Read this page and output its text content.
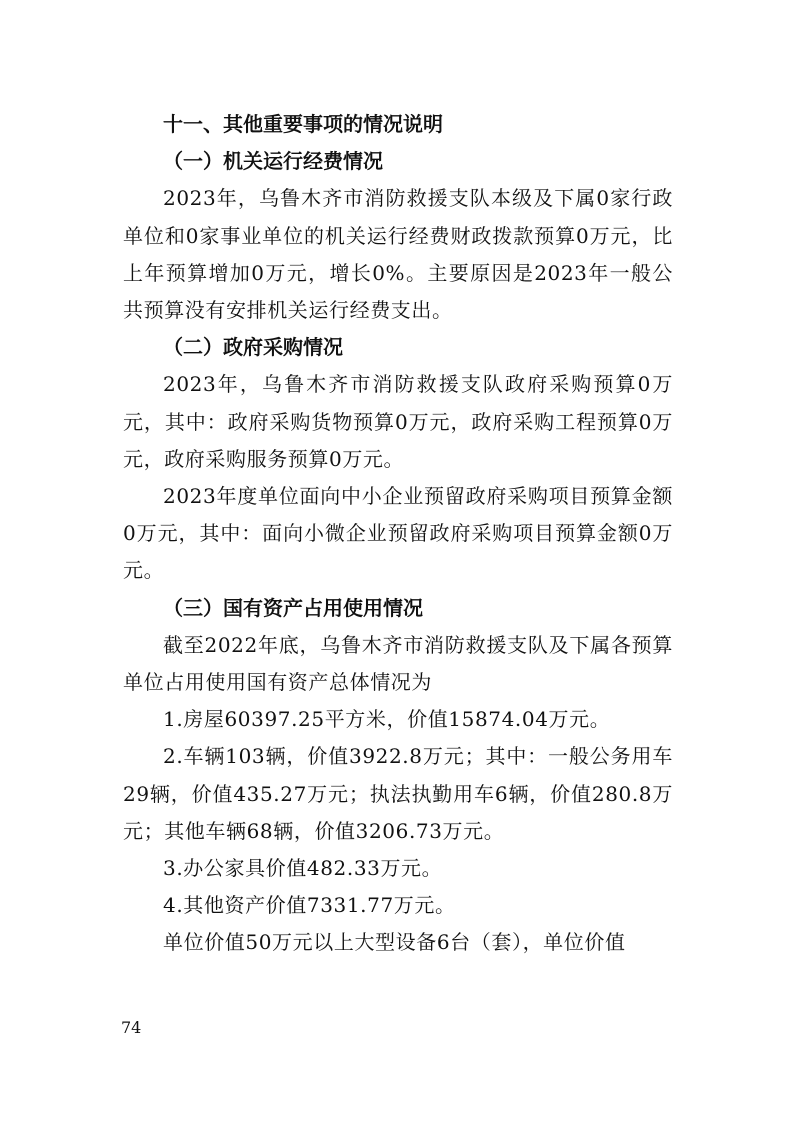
十一、其他重要事项的情况说明

（一）机关运行经费情况

2023年，乌鲁木齐市消防救援支队本级及下属0家行政单位和0家事业单位的机关运行经费财政拨款预算0万元，比上年预算增加0万元，增长0%。主要原因是2023年一般公共预算没有安排机关运行经费支出。

（二）政府采购情况

2023年，乌鲁木齐市消防救援支队政府采购预算0万元，其中：政府采购货物预算0万元，政府采购工程预算0万元，政府采购服务预算0万元。

2023年度单位面向中小企业预留政府采购项目预算金额0万元，其中：面向小微企业预留政府采购项目预算金额0万元。

（三）国有资产占用使用情况

截至2022年底，乌鲁木齐市消防救援支队及下属各预算单位占用使用国有资产总体情况为

1.房屋60397.25平方米，价值15874.04万元。

2.车辆103辆，价值3922.8万元；其中：一般公务用车29辆，价值435.27万元；执法执勤用车6辆，价值280.8万元；其他车辆68辆，价值3206.73万元。

3.办公家具价值482.33万元。

4.其他资产价值7331.77万元。

单位价值50万元以上大型设备6台（套），单位价值

74
